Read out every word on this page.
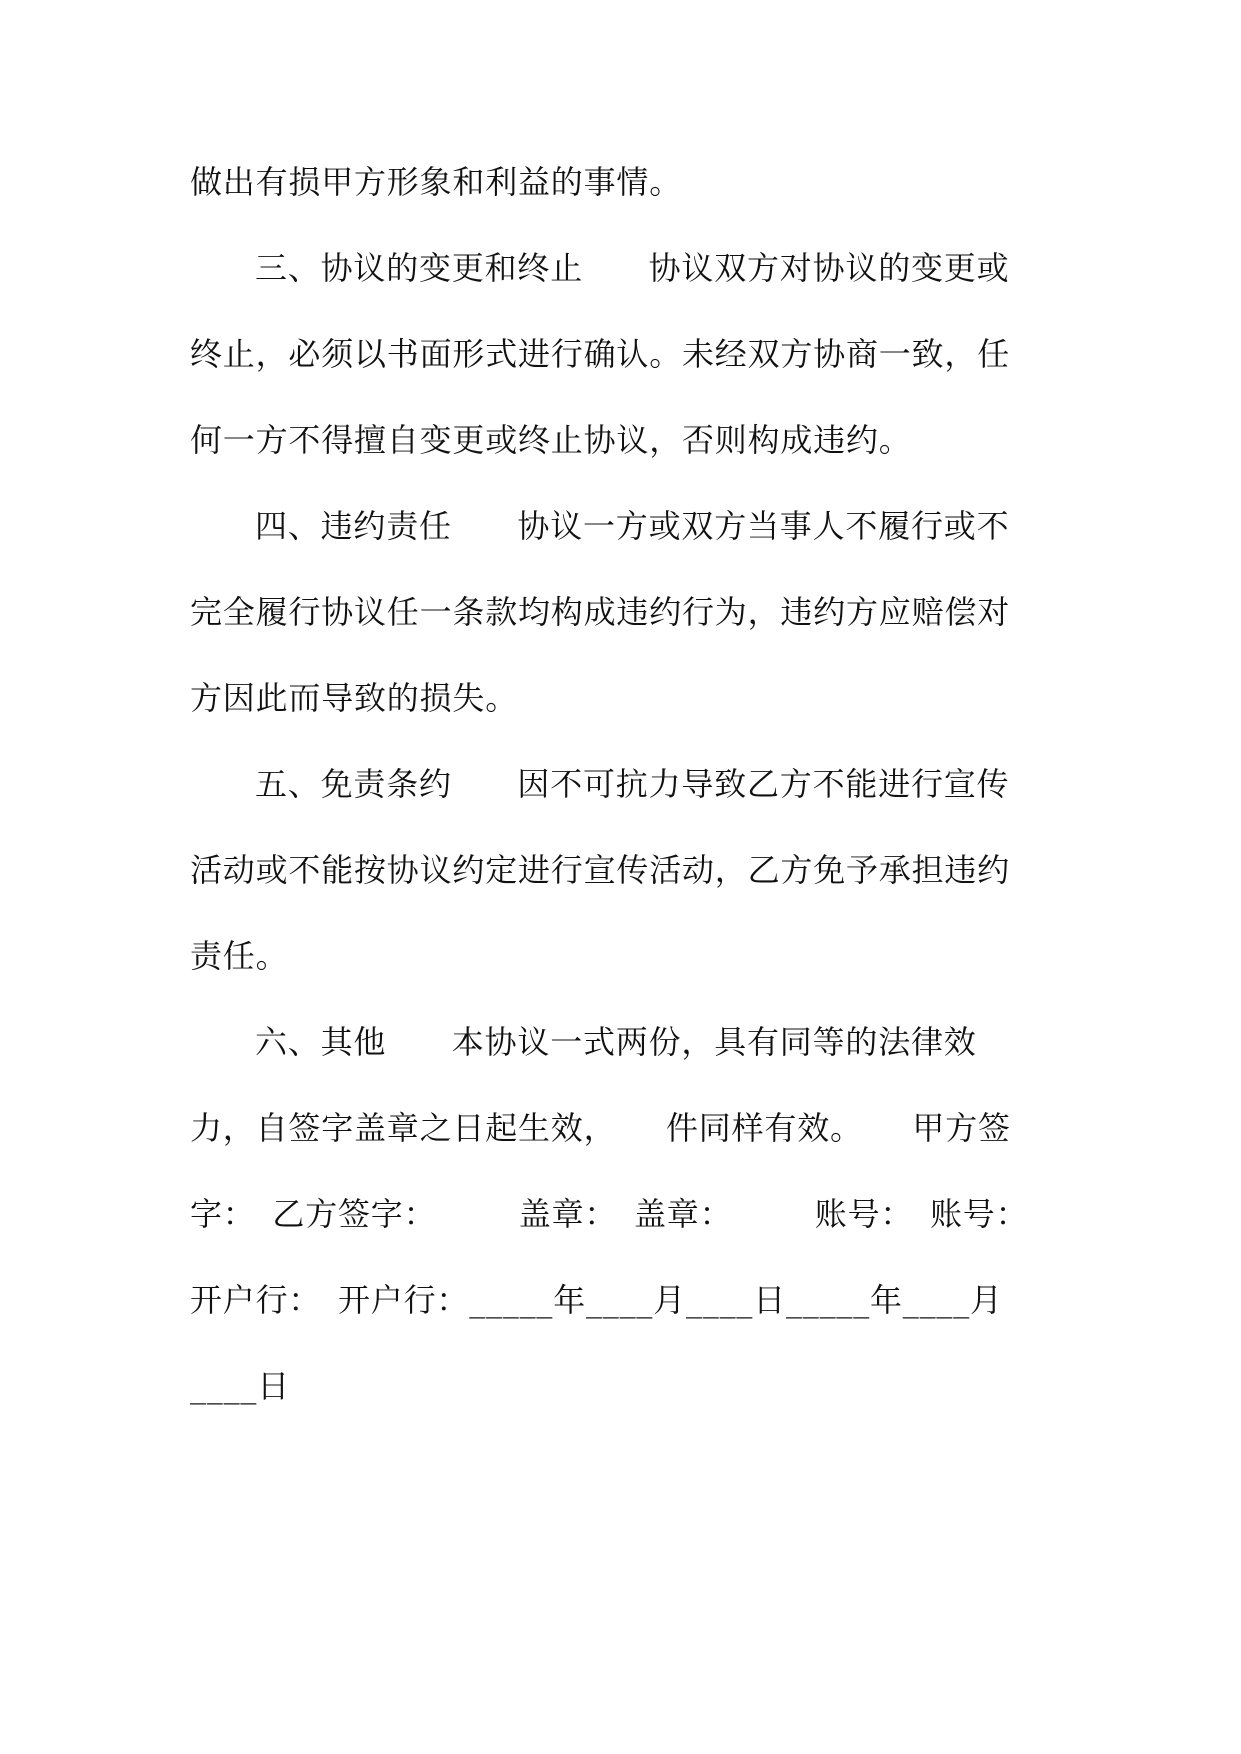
做出有损甲方形象和利益的事情。
三、协议的变更和终止　　协议双方对协议的变更或
终止，必须以书面形式进行确认。未经双方协商一致，任
何一方不得擅自变更或终止协议，否则构成违约。
四、违约责任　　协议一方或双方当事人不履行或不
完全履行协议任一条款均构成违约行为，违约方应赔偿对
方因此而导致的损失。
五、免责条约　　因不可抗力导致乙方不能进行宣传
活动或不能按协议约定进行宣传活动，乙方免予承担违约
责任。
六、其他　　本协议一式两份，具有同等的法律效
力，自签字盖章之日起生效，　　件同样有效。　　甲方签
字：　乙方签字：　　　盖章：　盖章：　　　账号：　账号：
开户行：　开户行：_____年____月____日_____年____月
____日
